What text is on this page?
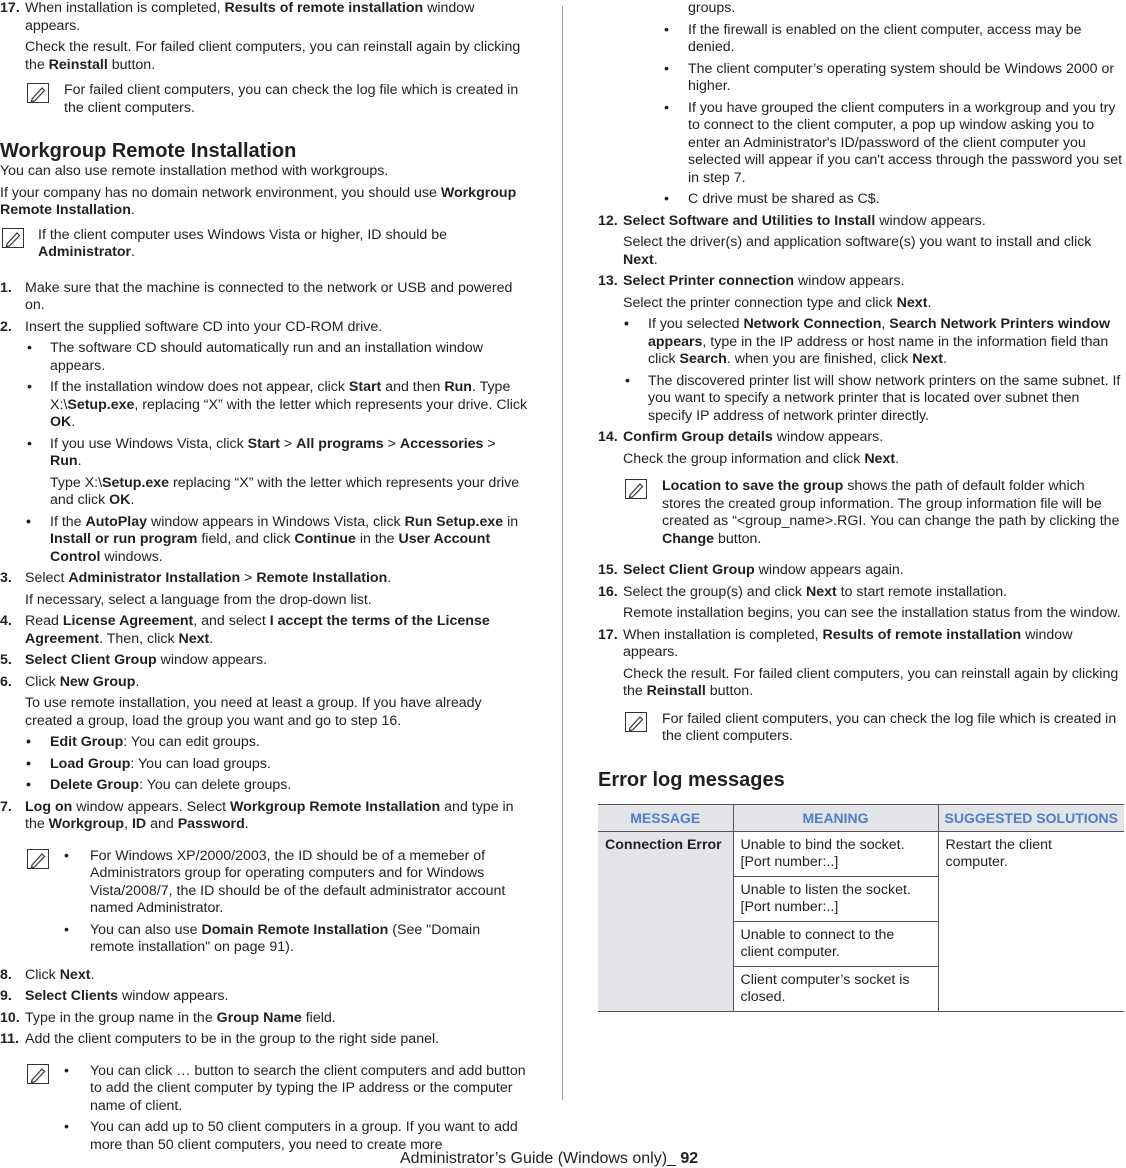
17. When installation is completed, Results of remote installation window appears.

Check the result. For failed client computers, you can reinstall again by clicking the Reinstall button.

For failed client computers, you can check the log file which is created in the client computers.

Workgroup Remote Installation

You can also use remote installation method with workgroups.

If your company has no domain network environment, you should use Workgroup Remote Installation.

If the client computer uses Windows Vista or higher, ID should be Administrator.

1. Make sure that the machine is connected to the network or USB and powered on.

2. Insert the supplied software CD into your CD-ROM drive.

• The software CD should automatically run and an installation window appears.

• If the installation window does not appear, click Start and then Run. Type X:\Setup.exe, replacing “X” with the letter which represents your drive. Click OK.

• If you use Windows Vista, click Start > All programs > Accessories > Run.

Type X:\Setup.exe replacing “X” with the letter which represents your drive and click OK.

• If the AutoPlay window appears in Windows Vista, click Run Setup.exe in Install or run program field, and click Continue in the User Account Control windows.

3. Select Administrator Installation > Remote Installation.

If necessary, select a language from the drop-down list.

4. Read License Agreement, and select I accept the terms of the License Agreement. Then, click Next.

5. Select Client Group window appears.

6. Click New Group.

To use remote installation, you need at least a group. If you have already created a group, load the group you want and go to step 16.

• Edit Group: You can edit groups.

• Load Group: You can load groups.

• Delete Group: You can delete groups.

7. Log on window appears. Select Workgroup Remote Installation and type in the Workgroup, ID and Password.

• For Windows XP/2000/2003, the ID should be of a memeber of Administrators group for operating computers and for Windows Vista/2008/7, the ID should be of the default administrator account named Administrator.

• You can also use Domain Remote Installation (See "Domain remote installation" on page 91).

8. Click Next.

9. Select Clients window appears.

10. Type in the group name in the Group Name field.

11. Add the client computers to be in the group to the right side panel.

• You can click … button to search the client computers and add button to add the client computer by typing the IP address or the computer name of client.

• You can add up to 50 client computers in a group. If you want to add more than 50 client computers, you need to create more

groups.

• If the firewall is enabled on the client computer, access may be denied.

• The client computer’s operating system should be Windows 2000 or higher.

• If you have grouped the client computers in a workgroup and you try to connect to the client computer, a pop up window asking you to enter an Administrator's ID/password of the client computer you selected will appear if you can't access through the password you set in step 7.

• C drive must be shared as C$.

12. Select Software and Utilities to Install window appears.

Select the driver(s) and application software(s) you want to install and click Next.

13. Select Printer connection window appears.

Select the printer connection type and click Next.

• If you selected Network Connection, Search Network Printers window appears, type in the IP address or host name in the information field than click Search. when you are finished, click Next.

• The discovered printer list will show network printers on the same subnet. If you want to specify a network printer that is located over subnet then specify IP address of network printer directly.

14. Confirm Group details window appears.

Check the group information and click Next.

Location to save the group shows the path of default folder which stores the created group information. The group information file will be created as “<group_name>.RGI. You can change the path by clicking the Change button.

15. Select Client Group window appears again.

16. Select the group(s) and click Next to start remote installation.

Remote installation begins, you can see the installation status from the window.

17. When installation is completed, Results of remote installation window appears.

Check the result. For failed client computers, you can reinstall again by clicking the Reinstall button.

For failed client computers, you can check the log file which is created in the client computers.

Error log messages
MESSAGE	MEANING	SUGGESTED SOLUTIONS
Connection Error	Unable to bind the socket. [Port number:..]	Restart the client computer.
	Unable to listen the socket. [Port number:..]	
	Unable to connect to the client computer.	
	Client computer’s socket is closed.	
Administrator’s Guide (Windows only)_ 92
